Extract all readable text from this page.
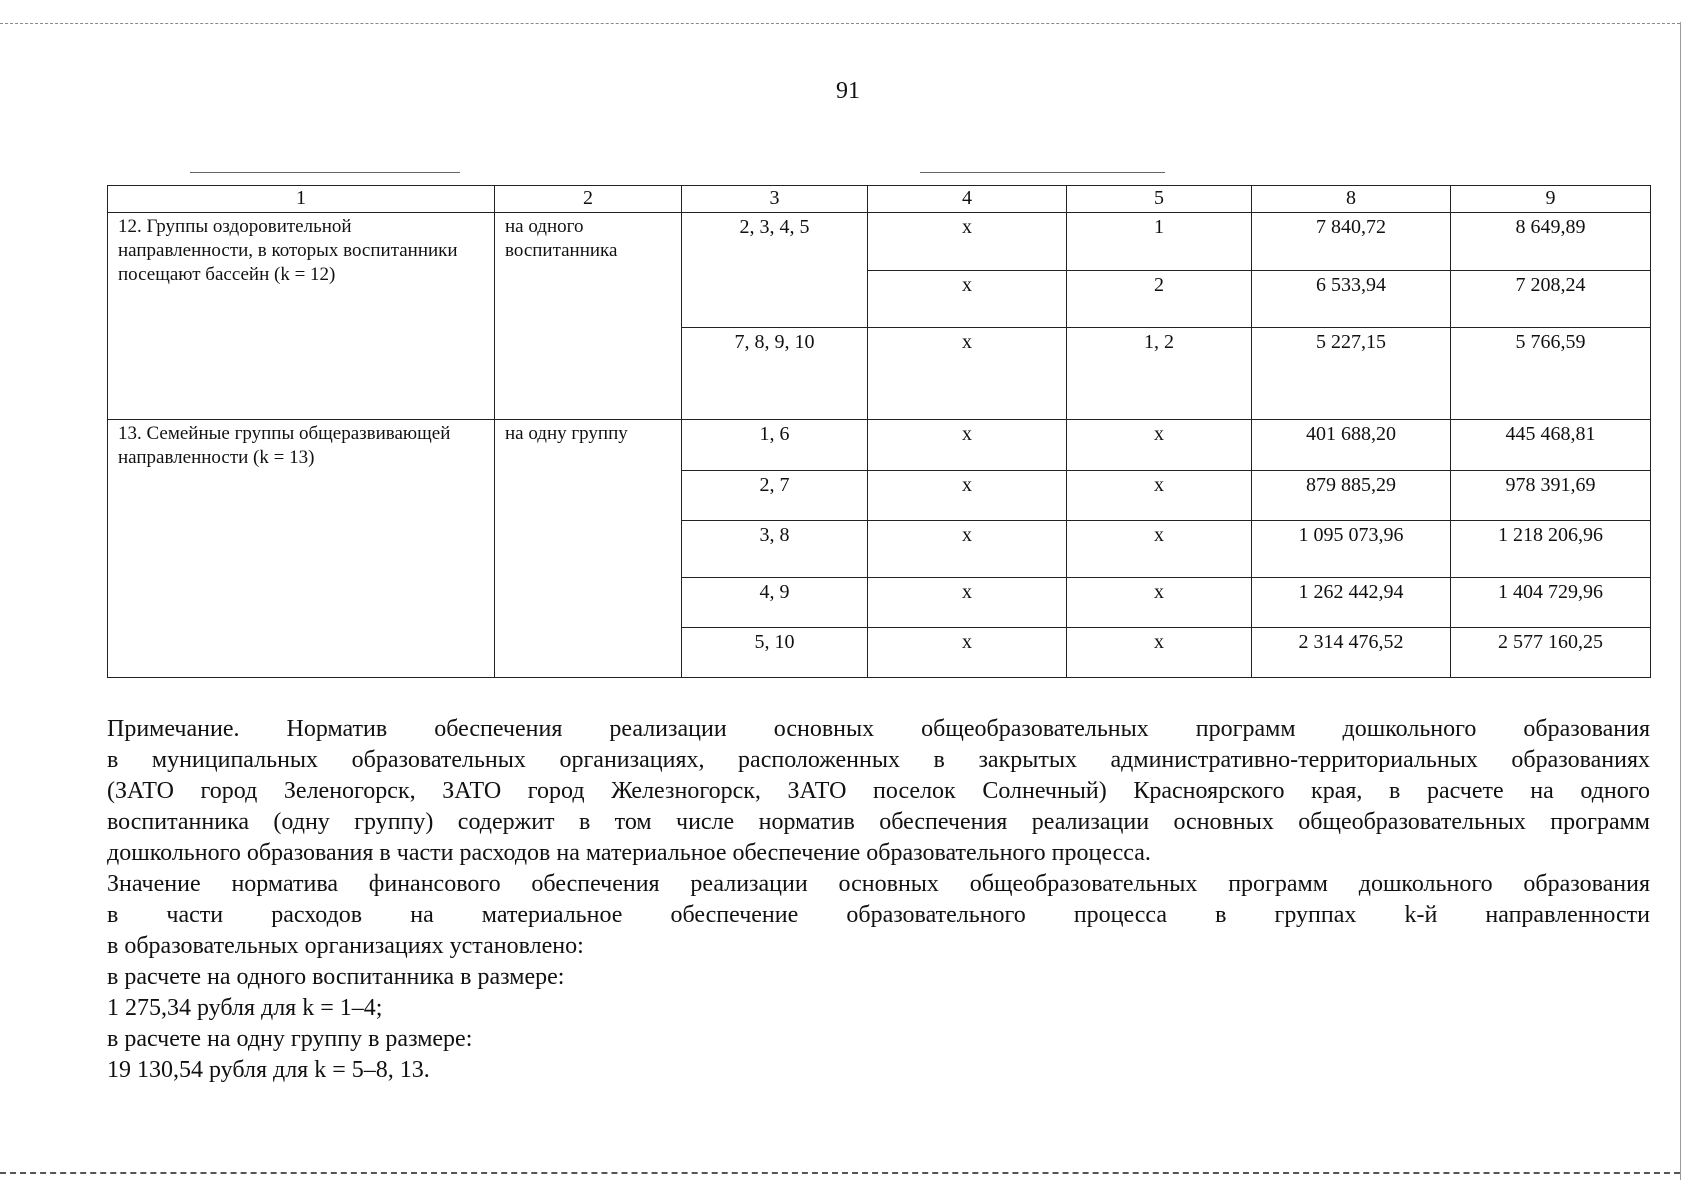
91
1	2	3	4	5	8	9
12. Группы оздоровительной направленности, в которых воспитанники посещают бассейн (k = 12)	на одного воспитанника	2, 3, 4, 5	x	1	7 840,72	8 649,89
			x	2	6 533,94	7 208,24
		7, 8, 9, 10	x	1, 2	5 227,15	5 766,59
13. Семейные группы общеразвивающей направленности (k = 13)	на одну группу	1, 6	x	x	401 688,20	445 468,81
		2, 7	x	x	879 885,29	978 391,69
		3, 8	x	x	1 095 073,96	1 218 206,96
		4, 9	x	x	1 262 442,94	1 404 729,96
		5, 10	x	x	2 314 476,52	2 577 160,25

Примечание. Норматив обеспечения реализации основных общеобразовательных программ дошкольного образования

в муниципальных образовательных организациях, расположенных в закрытых административно-территориальных образованиях

(ЗАТО город Зеленогорск, ЗАТО город Железногорск, ЗАТО поселок Солнечный) Красноярского края, в расчете на одного

воспитанника (одну группу) содержит в том числе норматив обеспечения реализации основных общеобразовательных программ

дошкольного образования в части расходов на материальное обеспечение образовательного процесса.

Значение норматива финансового обеспечения реализации основных общеобразовательных программ дошкольного образования

в части расходов на материальное обеспечение образовательного процесса в группах k-й направленности

в образовательных организациях установлено:

в расчете на одного воспитанника в размере:

1 275,34 рубля для k = 1–4;

в расчете на одну группу в размере:

19 130,54 рубля для k = 5–8, 13.
